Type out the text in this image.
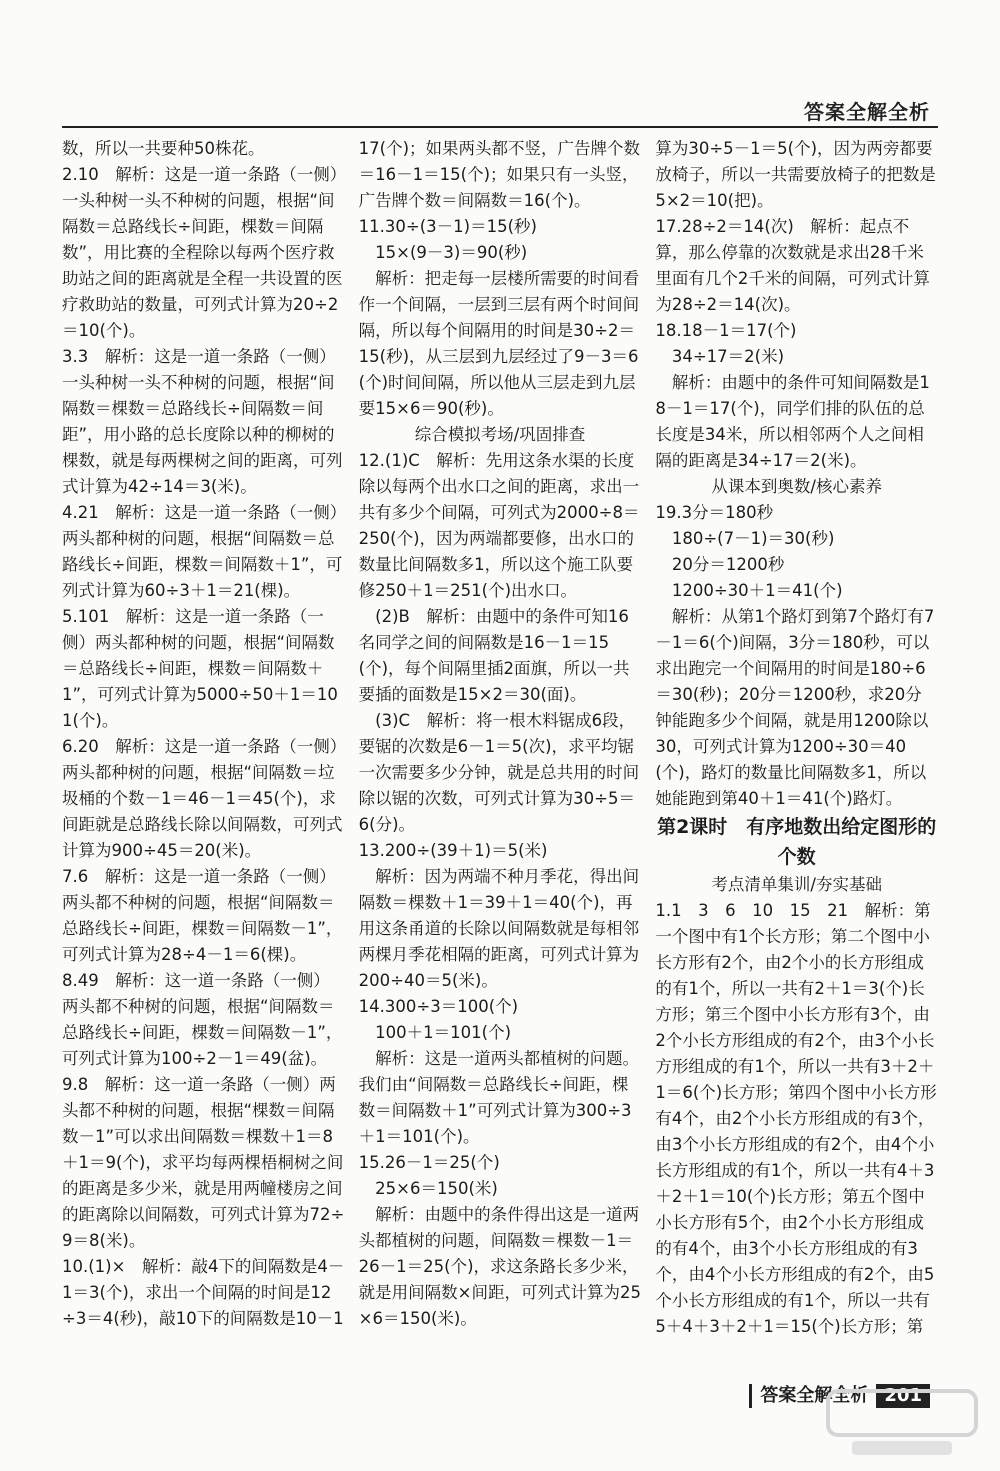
答案全解全析
数，所以一共要种50株花。
2.10　解析：这是一道一条路（一侧）一头种树一头不种树的问题，根据“间隔数＝总路线长÷间距，棵数＝间隔数”，用比赛的全程除以每两个医疗救助站之间的距离就是全程一共设置的医疗救助站的数量，可列式计算为20÷2＝10(个)。
3.3　解析：这是一道一条路（一侧）一头种树一头不种树的问题，根据“间隔数＝棵数＝总路线长÷间隔数＝间距”，用小路的总长度除以种的柳树的棵数，就是每两棵树之间的距离，可列式计算为42÷14＝3(米)。
4.21　解析：这是一道一条路（一侧）两头都种树的问题，根据“间隔数＝总路线长÷间距，棵数＝间隔数＋1”，可列式计算为60÷3＋1＝21(棵)。
5.101　解析：这是一道一条路（一侧）两头都种树的问题，根据“间隔数＝总路线长÷间距，棵数＝间隔数＋1”，可列式计算为5000÷50＋1＝101(个)。
6.20　解析：这是一道一条路（一侧）两头都种树的问题，根据“间隔数＝垃圾桶的个数－1＝46－1＝45(个)，求间距就是总路线长除以间隔数，可列式计算为900÷45＝20(米)。
7.6　解析：这是一道一条路（一侧）两头都不种树的问题，根据“间隔数＝总路线长÷间距，棵数＝间隔数－1”，可列式计算为28÷4－1＝6(棵)。
8.49　解析：这一道一条路（一侧）两头都不种树的问题，根据“间隔数＝总路线长÷间距，棵数＝间隔数－1”，可列式计算为100÷2－1＝49(盆)。
9.8　解析：这一道一条路（一侧）两头都不种树的问题，根据“棵数＝间隔数－1”可以求出间隔数＝棵数＋1＝8＋1＝9(个)，求平均每两棵梧桐树之间的距离是多少米，就是用两幢楼房之间的距离除以间隔数，可列式计算为72÷9＝8(米)。
10.(1)×　解析：敲4下的间隔数是4－1＝3(个)，求出一个间隔的时间是12÷3＝4(秒)，敲10下的间隔数是10－1
17(个)；如果两头都不竖，广告牌个数＝16－1＝15(个)；如果只有一头竖，广告牌个数＝间隔数＝16(个)。
11.30÷(3－1)＝15(秒)
　15×(9－3)＝90(秒)
　解析：把走每一层楼所需要的时间看作一个间隔，一层到三层有两个时间间隔，所以每个间隔用的时间是30÷2＝15(秒)，从三层到九层经过了9－3＝6(个)时间间隔，所以他从三层走到九层要15×6＝90(秒)。
综合模拟考场/巩固排查
12.(1)C　解析：先用这条水渠的长度除以每两个出水口之间的距离，求出一共有多少个间隔，可列式为2000÷8＝250(个)，因为两端都要修，出水口的数量比间隔数多1，所以这个施工队要修250＋1＝251(个)出水口。
　(2)B　解析：由题中的条件可知16名同学之间的间隔数是16－1＝15(个)，每个间隔里插2面旗，所以一共要插的面数是15×2＝30(面)。
　(3)C　解析：将一根木料锯成6段，要锯的次数是6－1＝5(次)，求平均锯一次需要多少分钟，就是总共用的时间除以锯的次数，可列式计算为30÷5＝6(分)。
13.200÷(39＋1)＝5(米)
　解析：因为两端不种月季花，得出间隔数＝棵数＋1＝39＋1＝40(个)，再用这条甬道的长除以间隔数就是每相邻两棵月季花相隔的距离，可列式计算为200÷40＝5(米)。
14.300÷3＝100(个)
　100＋1＝101(个)
　解析：这是一道两头都植树的问题。我们由“间隔数＝总路线长÷间距，棵数＝间隔数＋1”可列式计算为300÷3＋1＝101(个)。
15.26－1＝25(个)
　25×6＝150(米)
　解析：由题中的条件得出这是一道两头都植树的问题，间隔数＝棵数－1＝26－1＝25(个)，求这条路长多少米，就是用间隔数×间距，可列式计算为25×6＝150(米)。
算为30÷5－1＝5(个)，因为两旁都要放椅子，所以一共需要放椅子的把数是5×2＝10(把)。
17.28÷2＝14(次)　解析：起点不算，那么停靠的次数就是求出28千米里面有几个2千米的间隔，可列式计算为28÷2＝14(次)。
18.18－1＝17(个)
　34÷17＝2(米)
　解析：由题中的条件可知间隔数是18－1＝17(个)，同学们排的队伍的总长度是34米，所以相邻两个人之间相隔的距离是34÷17＝2(米)。
从课本到奥数/核心素养
19.3分＝180秒
　180÷(7－1)＝30(秒)
　20分＝1200秒
　1200÷30＋1＝41(个)
　解析：从第1个路灯到第7个路灯有7－1＝6(个)间隔，3分＝180秒，可以求出跑完一个间隔用的时间是180÷6＝30(秒)；20分＝1200秒，求20分钟能跑多少个间隔，就是用1200除以30，可列式计算为1200÷30＝40(个)，路灯的数量比间隔数多1，所以她能跑到第40＋1＝41(个)路灯。
第2课时　有序地数出给定图形的个数
考点清单集训/夯实基础
1.1　3　6　10　15　21　解析：第一个图中有1个长方形；第二个图中小长方形有2个，由2个小的长方形组成的有1个，所以一共有2＋1＝3(个)长方形；第三个图中小长方形有3个，由2个小长方形组成的有2个，由3个小长方形组成的有1个，所以一共有3＋2＋1＝6(个)长方形；第四个图中小长方形有4个，由2个小长方形组成的有3个，由3个小长方形组成的有2个，由4个小长方形组成的有1个，所以一共有4＋3＋2＋1＝10(个)长方形；第五个图中小长方形有5个，由2个小长方形组成的有4个，由3个小长方形组成的有3个，由4个小长方形组成的有2个，由5个小长方形组成的有1个，所以一共有5＋4＋3＋2＋1＝15(个)长方形；第
答案全解全析 201
